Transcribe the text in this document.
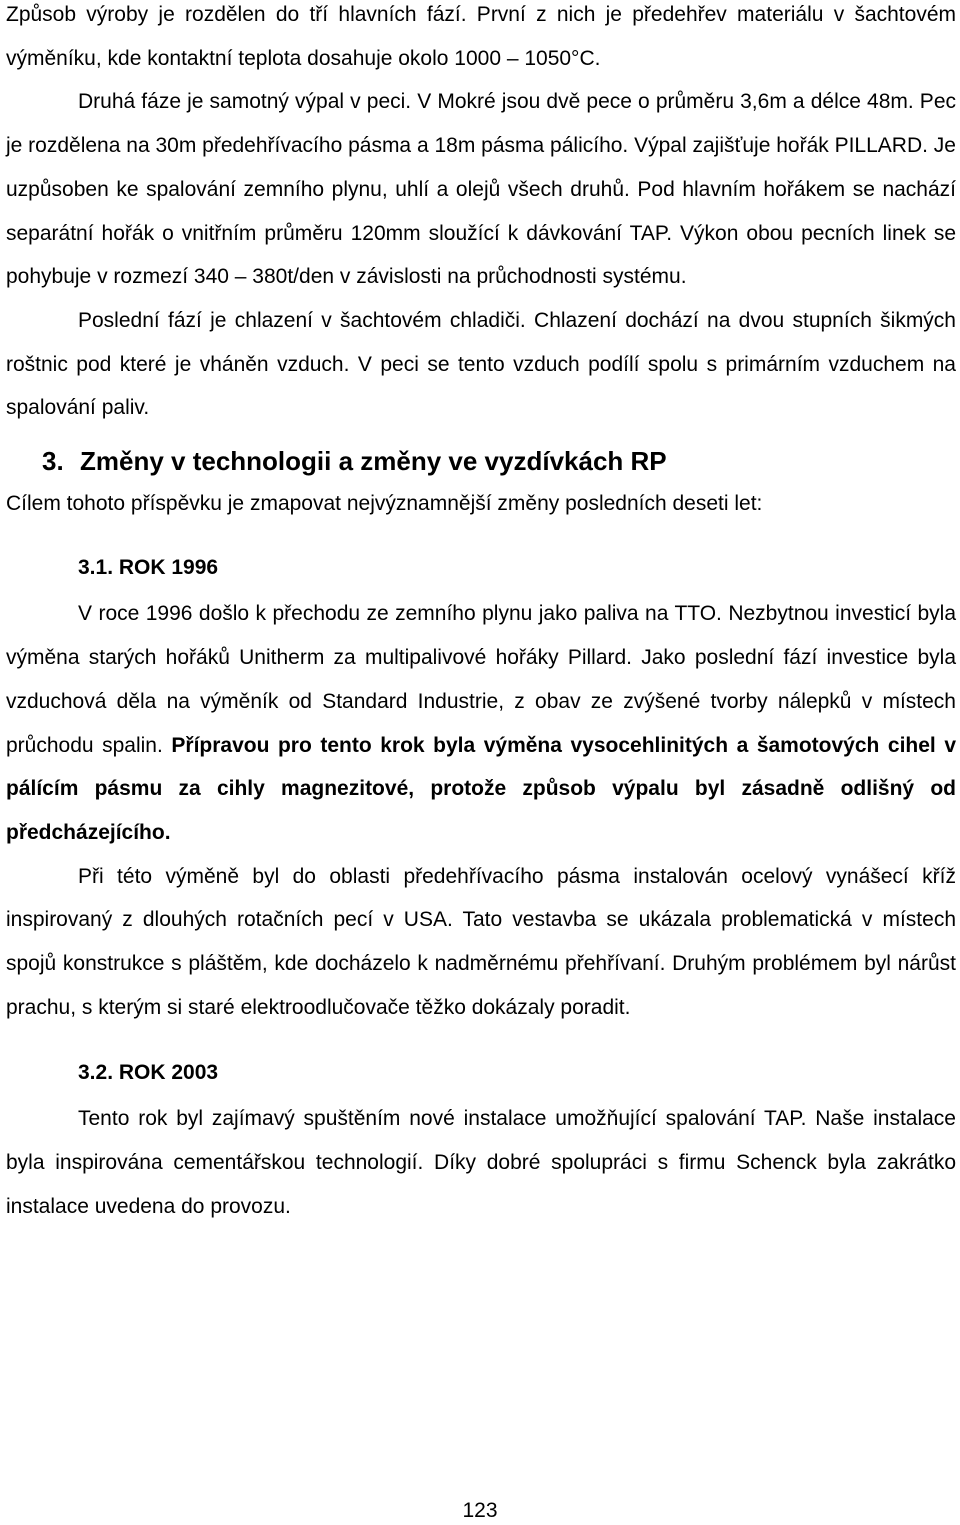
Způsob výroby je rozdělen do tří hlavních fází. První z nich je předehřev materiálu v šachtovém výměníku, kde kontaktní teplota dosahuje okolo 1000 – 1050°C.

Druhá fáze je samotný výpal v peci. V Mokré jsou dvě pece o průměru 3,6m a délce 48m. Pec je rozdělena na 30m předehřívacího pásma a 18m pásma pálicího. Výpal zajišťuje hořák PILLARD. Je uzpůsoben ke spalování zemního plynu, uhlí a olejů všech druhů. Pod hlavním hořákem se nachází separátní hořák o vnitřním průměru 120mm sloužící k dávkování TAP. Výkon obou pecních linek se pohybuje v rozmezí 340 – 380t/den v závislosti na průchodnosti systému.

Poslední fází je chlazení v šachtovém chladiči. Chlazení dochází na dvou stupních šikmých roštnic pod které je vháněn vzduch. V peci se tento vzduch podílí spolu s primárním vzduchem na spalování paliv.

3. Změny v technologii a změny ve vyzdívkách RP

Cílem tohoto příspěvku je zmapovat nejvýznamnější změny posledních deseti let:

3.1. ROK 1996

V roce 1996 došlo k přechodu ze zemního plynu jako paliva na TTO. Nezbytnou investicí byla výměna starých hořáků Unitherm za multipalivové hořáky Pillard. Jako poslední fází investice byla vzduchová děla na výměník od Standard Industrie, z obav ze zvýšené tvorby nálepků v místech průchodu spalin. Přípravou pro tento krok byla výměna vysocehlinitých a šamotových cihel v pálícím pásmu za cihly magnezitové, protože způsob výpalu byl zásadně odlišný od předcházejícího.

Při této výměně byl do oblasti předehřívacího pásma instalován ocelový vynášecí kříž inspirovaný z dlouhých rotačních pecí v USA. Tato vestavba se ukázala problematická v místech spojů konstrukce s pláštěm, kde docházelo k nadměrnému přehřívaní. Druhým problémem byl nárůst prachu, s kterým si staré elektroodlučovače těžko dokázaly poradit.

3.2. ROK 2003

Tento rok byl zajímavý spuštěním nové instalace umožňující spalování TAP. Naše instalace byla inspirována cementářskou technologií. Díky dobré spolupráci s firmu Schenck byla zakrátko instalace uvedena do provozu.

123
